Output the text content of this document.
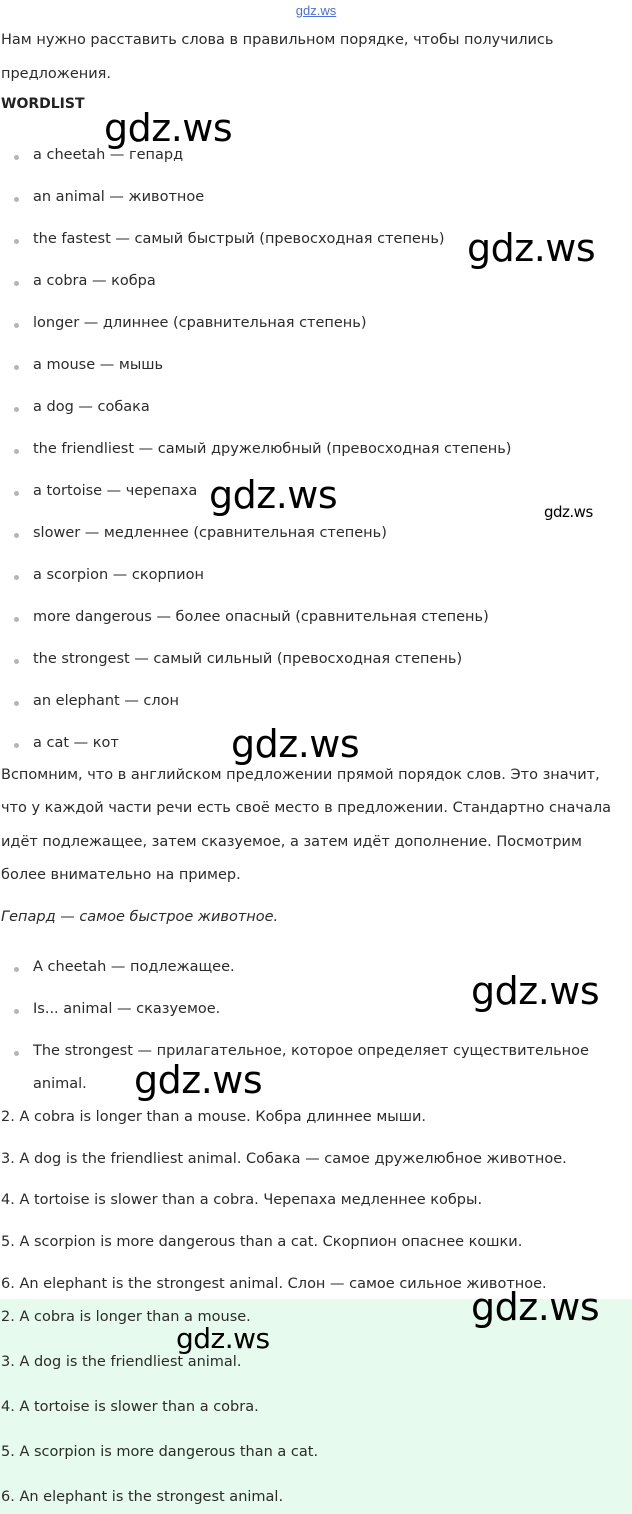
gdz.ws
Нам нужно расставить слова в правильном порядке, чтобы получились
предложения.
WORDLIST
a cheetah — гепард
an animal — животное
the fastest — самый быстрый (превосходная степень)
a cobra — кобра
longer — длиннее (сравнительная степень)
a mouse — мышь
a dog — собака
the friendliest — самый дружелюбный (превосходная степень)
a tortoise — черепаха
slower — медленнее (сравнительная степень)
a scorpion — скорпион
more dangerous — более опасный (сравнительная степень)
the strongest — самый сильный (превосходная степень)
an elephant — слон
a cat — кот
Вспомним, что в английском предложении прямой порядок слов. Это значит,
что у каждой части речи есть своё место в предложении. Стандартно сначала
идёт подлежащее, затем сказуемое, а затем идёт дополнение. Посмотрим
более внимательно на пример.
Гепард — самое быстрое животное.
A cheetah — подлежащее.
Is... animal — сказуемое.
The strongest — прилагательное, которое определяет существительное
animal.
2. A cobra is longer than a mouse. Кобра длиннее мыши.
3. A dog is the friendliest animal. Собака — самое дружелюбное животное.
4. A tortoise is slower than a cobra. Черепаха медленнее кобры.
5. A scorpion is more dangerous than a cat. Скорпион опаснее кошки.
6. An elephant is the strongest animal. Слон — самое сильное животное.
2. A cobra is longer than a mouse.
3. A dog is the friendliest animal.
4. A tortoise is slower than a cobra.
5. A scorpion is more dangerous than a cat.
6. An elephant is the strongest animal.
gdz.ws
gdz.ws
gdz.ws	gdz.ws
gdz.ws
gdz.ws
gdz.ws
gdz.ws
gdz.ws
